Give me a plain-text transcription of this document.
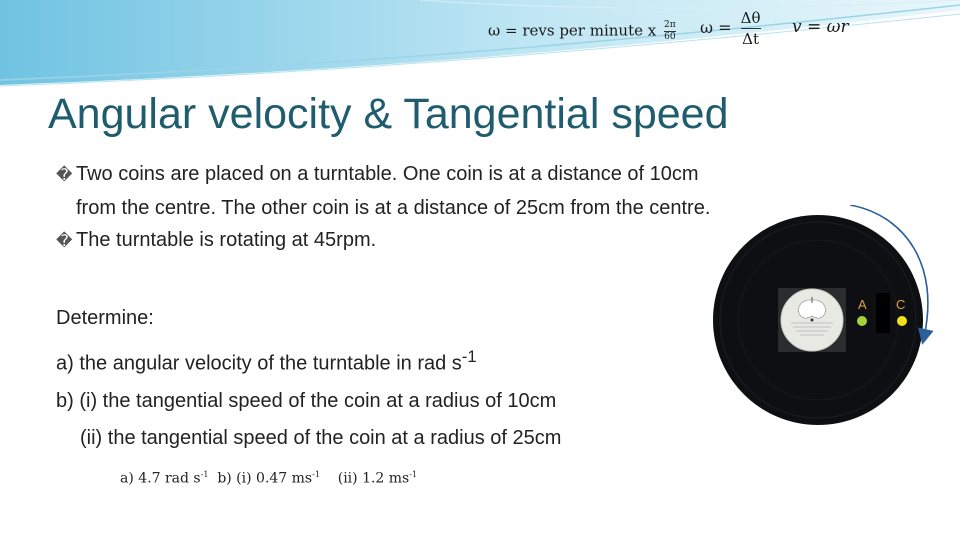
ω = revs per minute x $\frac{2\pi}{60}$ $\omega = \frac{\Delta\theta}{\Delta t}$ v = ωr
Angular velocity & Tangential speed
� Two coins are placed on a turntable. One coin is at a distance of 10cm
from the centre. The other coin is at a distance of 25cm from the centre.
� The turntable is rotating at 45rpm.
Determine:
a) the angular velocity of the turntable in rad $s^{-1}$
b) (i) the tangential speed of the coin at a radius of 10cm
(ii) the tangential speed of the coin at a radius of 25cm
a) 4.7 rad $s^{-1}$ b) (i) 0.47 $ms^{-1}$ (ii) 1.2 $ms^{-1}$
A C
